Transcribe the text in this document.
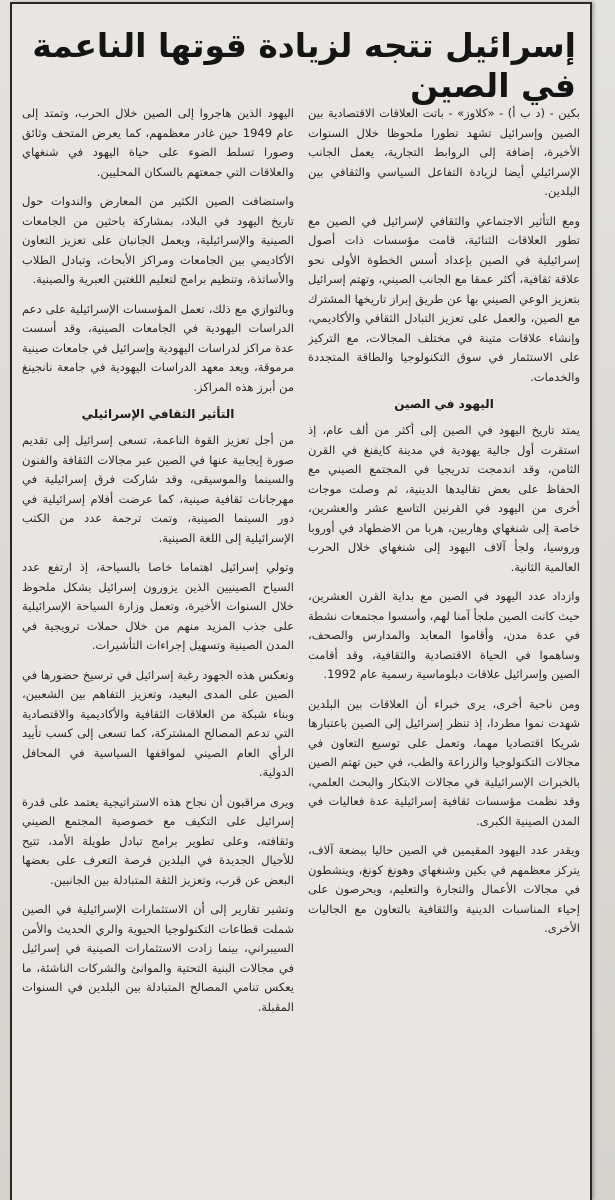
إسرائيل تتجه لزيادة قوتها الناعمة في الصين

بكين - (د ب أ) - «كلاوز» - باتت العلاقات الاقتصادية بين الصين وإسرائيل تشهد تطورا ملحوظا خلال السنوات الأخيرة، إضافة إلى الروابط التجارية، يعمل الجانب الإسرائيلي أيضا لزيادة التفاعل السياسي والثقافي بين البلدين.

ومع التأثير الاجتماعي والثقافي لإسرائيل في الصين مع تطور العلاقات الثنائية، قامت مؤسسات ذات أصول إسرائيلية في الصين بإعداد أسس الخطوة الأولى نحو علاقة ثقافية، أكثر عمقا مع الجانب الصيني، وتهتم إسرائيل بتعزيز الوعي الصيني بها عن طريق إبراز تاريخها المشترك مع الصين، والعمل على تعزيز التبادل الثقافي والأكاديمي، وإنشاء علاقات متينة في مختلف المجالات، مع التركيز على الاستثمار في سوق التكنولوجيا والطاقة المتجددة والخدمات.

اليهود في الصين

يمتد تاريخ اليهود في الصين إلى أكثر من ألف عام، إذ استقرت أول جالية يهودية في مدينة كايفنغ في القرن الثامن، وقد اندمجت تدريجيا في المجتمع الصيني مع الحفاظ على بعض تقاليدها الدينية، ثم وصلت موجات أخرى من اليهود في القرنين التاسع عشر والعشرين، خاصة إلى شنغهاي وهاربين، هربا من الاضطهاد في أوروبا وروسيا، ولجأ آلاف اليهود إلى شنغهاي خلال الحرب العالمية الثانية.

وازداد عدد اليهود في الصين مع بداية القرن العشرين، حيث كانت الصين ملجأ آمنا لهم، وأسسوا مجتمعات نشطة في عدة مدن، وأقاموا المعابد والمدارس والصحف، وساهموا في الحياة الاقتصادية والثقافية، وقد أقامت الصين وإسرائيل علاقات دبلوماسية رسمية عام 1992.

ومن ناحية أخرى، يرى خبراء أن العلاقات بين البلدين شهدت نموا مطردا، إذ تنظر إسرائيل إلى الصين باعتبارها شريكا اقتصاديا مهما، وتعمل على توسيع التعاون في مجالات التكنولوجيا والزراعة والطب، في حين تهتم الصين بالخبرات الإسرائيلية في مجالات الابتكار والبحث العلمي، وقد نظمت مؤسسات ثقافية إسرائيلية عدة فعاليات في المدن الصينية الكبرى.

ويقدر عدد اليهود المقيمين في الصين حاليا ببضعة آلاف، يتركز معظمهم في بكين وشنغهاي وهونغ كونغ، وينشطون في مجالات الأعمال والتجارة والتعليم، ويحرصون على إحياء المناسبات الدينية والثقافية بالتعاون مع الجاليات الأخرى.

اليهود الذين هاجروا إلى الصين خلال الحرب، وتمتد إلى عام 1949 حين غادر معظمهم، كما يعرض المتحف وثائق وصورا تسلط الضوء على حياة اليهود في شنغهاي والعلاقات التي جمعتهم بالسكان المحليين.

واستضافت الصين الكثير من المعارض والندوات حول تاريخ اليهود في البلاد، بمشاركة باحثين من الجامعات الصينية والإسرائيلية، ويعمل الجانبان على تعزيز التعاون الأكاديمي بين الجامعات ومراكز الأبحاث، وتبادل الطلاب والأساتذة، وتنظيم برامج لتعليم اللغتين العبرية والصينية.

وبالتوازي مع ذلك، تعمل المؤسسات الإسرائيلية على دعم الدراسات اليهودية في الجامعات الصينية، وقد أسست عدة مراكز لدراسات اليهودية وإسرائيل في جامعات صينية مرموقة، ويعد معهد الدراسات اليهودية في جامعة نانجينغ من أبرز هذه المراكز.

التأثير الثقافي الإسرائيلي

من أجل تعزيز القوة الناعمة، تسعى إسرائيل إلى تقديم صورة إيجابية عنها في الصين عبر مجالات الثقافة والفنون والسينما والموسيقى، وقد شاركت فرق إسرائيلية في مهرجانات ثقافية صينية، كما عرضت أفلام إسرائيلية في دور السينما الصينية، وتمت ترجمة عدد من الكتب الإسرائيلية إلى اللغة الصينية.

وتولي إسرائيل اهتماما خاصا بالسياحة، إذ ارتفع عدد السياح الصينيين الذين يزورون إسرائيل بشكل ملحوظ خلال السنوات الأخيرة، وتعمل وزارة السياحة الإسرائيلية على جذب المزيد منهم من خلال حملات ترويجية في المدن الصينية وتسهيل إجراءات التأشيرات.

وتعكس هذه الجهود رغبة إسرائيل في ترسيخ حضورها في الصين على المدى البعيد، وتعزيز التفاهم بين الشعبين، وبناء شبكة من العلاقات الثقافية والأكاديمية والاقتصادية التي تدعم المصالح المشتركة، كما تسعى إلى كسب تأييد الرأي العام الصيني لمواقفها السياسية في المحافل الدولية.

ويرى مراقبون أن نجاح هذه الاستراتيجية يعتمد على قدرة إسرائيل على التكيف مع خصوصية المجتمع الصيني وثقافته، وعلى تطوير برامج تبادل طويلة الأمد، تتيح للأجيال الجديدة في البلدين فرصة التعرف على بعضها البعض عن قرب، وتعزيز الثقة المتبادلة بين الجانبين.

وتشير تقارير إلى أن الاستثمارات الإسرائيلية في الصين شملت قطاعات التكنولوجيا الحيوية والري الحديث والأمن السيبراني، بينما زادت الاستثمارات الصينية في إسرائيل في مجالات البنية التحتية والموانئ والشركات الناشئة، ما يعكس تنامي المصالح المتبادلة بين البلدين في السنوات المقبلة.
